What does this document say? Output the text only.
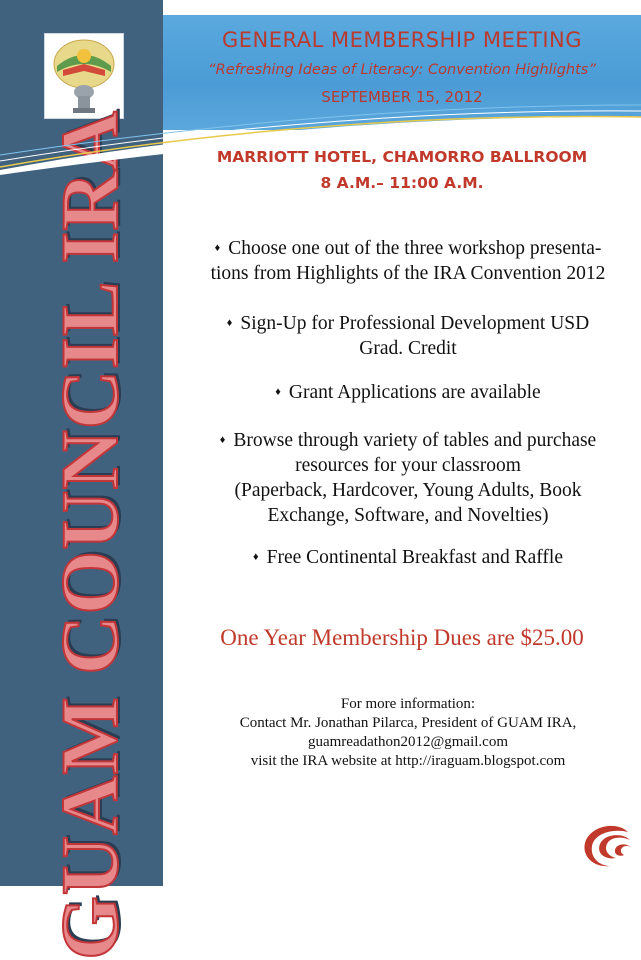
GUAM COUNCIL IRA
GENERAL MEMBERSHIP MEETING
“Refreshing Ideas of Literacy: Convention Highlights”
SEPTEMBER 15, 2012
MARRIOTT HOTEL, CHAMORRO BALLROOM
8 A.M.– 11:00 A.M.
♦ Choose one out of the three workshop presenta-
tions from Highlights of the IRA Convention 2012
♦ Sign-Up for Professional Development USD
Grad. Credit
♦ Grant Applications are available
♦ Browse through variety of tables and purchase
resources for your classroom
(Paperback, Hardcover, Young Adults, Book
Exchange, Software, and Novelties)
♦ Free Continental Breakfast and Raffle
One Year Membership Dues are $25.00
For more information:
Contact Mr. Jonathan Pilarca, President of GUAM IRA,
guamreadathon2012@gmail.com
visit the IRA website at http://iraguam.blogspot.com
